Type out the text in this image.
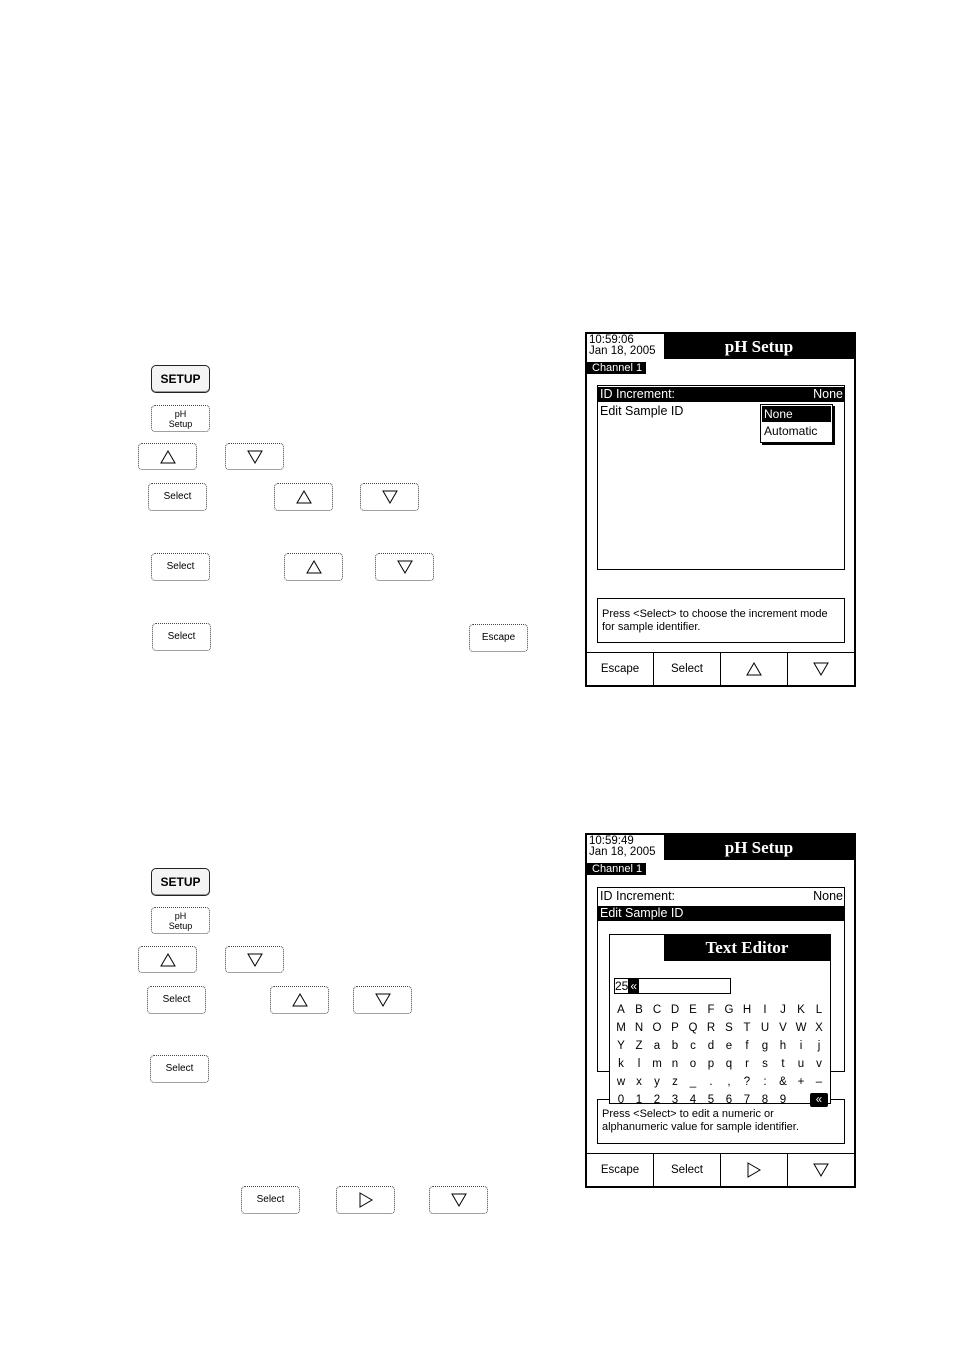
SETUP
pH
Setup
Select
Select
Select	Escape
10:59:06
Jan 18, 2005	pH Setup
Channel 1
ID Increment:	None
Edit Sample ID	None
Automatic
Press <Select> to choose the increment mode for sample identifier.
Escape	Select
SETUP
pH
Setup
Select
Select
Select
10:59:49
Jan 18, 2005	pH Setup
Channel 1
ID Increment:	None
Edit Sample ID
Press <Select> to edit a numeric or alphanumeric value for sample identifier.
Text Editor
25 «
A B C D E F G H	I	J K L
M N O P Q R S T U V W X
Y Z a	b	c	d	e	f	g	h	i	j
k	l	m n	o	p	q	r	s	t	u	v
w x	y	z	_	.	,	?	:	& + –
0	1	2	3	4	5	6	7	8	9	«
Escape	Select
